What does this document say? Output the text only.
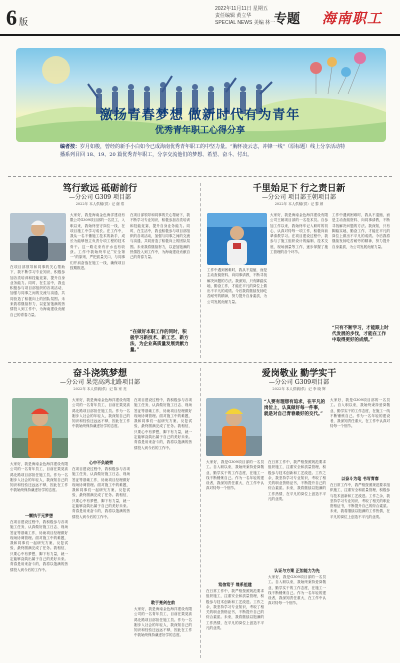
6 版
2022年11月11日 星期五
责任编辑 黄立华
SPECIAL NEWS 美编 林一
专题 海南职工
激扬青春梦想 做新时代有为青年
优秀青年职工心得分享
编者按：岁月如梭，曾经的新手小白如今已成海南优秀青年职工的中坚力量。“胸怀凌云志，冲锋一线”（原标题）线上分享活动特播系列目回 18、19、20 篇优秀青年职工，分享交流他们的梦想、希望、奋斗、付出。
笃行致远 砥砺前行
—分公司 G309 项目部
2022年 本人供稿(供）记 谢 郑
大家好，我是海南金色海洋建设有限公司G309项目部的一名员工，入职以来，我始终坚守岗位一线，在项目施工中学习成长。在工作中，我从一名不懂施工技术的新手，成长为能够独立负责分项工程的技术骨干。这一路走来有汗水也有收获。工作中我始终牢记“安全第一”的原则，严把质量关口，与同事们并肩奋战在施工一线，确保项目按期推进。
在项目部领导和同事的关心帮助下，我不断学习专业知识，积极参加各类培训和技能竞赛，提升自身业务能力。同时，在生活中，我也积极参与项目部组织的各项活动，加强与同事之间的交流与沟通，共同营造了积极向上的团队氛围。未来我将继续努力，以更加饱满的热情投入到工作中，为海南建设贡献自己的青春力量。
在项目部领导和同事的关心帮助下，我不断学习专业知识，积极参加各类培训和技能竞赛，提升自身业务能力。同时，在生活中，我也积极参与项目部组织的各项活动，加强与同事之间的交流与沟通，共同营造了积极向上的团队氛围。未来我将继续努力，以更加饱满的热情投入到工作中，为海南建设贡献自己的青春力量。
“在做好本职工作的同时，积极学习新技术、新工艺、新方法，为企业高质量发展贡献力量。”
千里始足下 行之责日新
—分公司 项目部王朝项目部
2022年 本人供稿(供）记 黎 颜
工作中遇到困难时，我从不退缩，而是主动查阅资料、向同事请教，不断寻找解决问题的方法。我深知，只有脚踏实地、勤奋工作，才能在平凡的岗位上做出不平凡的成绩。今后我将继续发扬吃苦耐劳的精神，努力提升自身素质，为公司发展贡献力量。
大家好，我是海南金色海洋建设有限公司王朝项目部的一名技术员。自参加工作以来，我始终牢记入职时的初心，认真对待每一项工作，积极向前辈请教学习。在项目建设过程中，我参与了施工组织设计的编制、技术交底、现场测量等工作，逐步掌握了施工管理的各个环节。
工作中遇到困难时，我从不退缩，而是主动查阅资料、向同事请教，不断寻找解决问题的方法。我深知，只有脚踏实地、勤奋工作，才能在平凡的岗位上做出不平凡的成绩。今后我将继续发扬吃苦耐劳的精神，努力提升自身素质，为公司发展贡献力量。
“只有不断学习，才能跟上时代发展的步伐，才能在工作中取得更好的成绩。”
奋斗浇筑梦想
—分公司 果莞高鸿北路项目部
2022年 本人供稿(供）记 陈 家 亮
大家好，我是海南金色海洋建设有限公司的一名青年员工，目前在果莞高鸿北路项目部担任施工员。作为一名刚步入社会的年轻人，我深知自己的知识和经验还远远不够，因此在工作中我始终保持谦虚好学的态度。
一颗执于元梦想
在项目建设过程中，我积极参与各项施工任务，认真做好施工日志、现场签证等基础工作，协助项目经理做好现场协调管理。面对施工中的难题，我和同事们一起研究方案、反复试验，最终圆满完成了任务。我相信，只要心中有梦想，脚下有力量，就一定能够浇筑出属于自己的美好未来。青春是用来奋斗的，我将以饱满的热情投入到今后的工作中。
大家好，我是海南金色海洋建设有限公司的一名青年员工，目前在果莞高鸿北路项目部担任施工员。作为一名刚步入社会的年轻人，我深知自己的知识和经验还远远不够，因此在工作中我始终保持谦虚好学的态度。
心中不负晓荣
在项目建设过程中，我积极参与各项施工任务，认真做好施工日志、现场签证等基础工作，协助项目经理做好现场协调管理。面对施工中的难题，我和同事们一起研究方案、反复试验，最终圆满完成了任务。我相信，只要心中有梦想，脚下有力量，就一定能够浇筑出属于自己的美好未来。青春是用来奋斗的，我将以饱满的热情投入到今后的工作中。
在项目建设过程中，我积极参与各项施工任务，认真做好施工日志、现场签证等基础工作，协助项目经理做好现场协调管理。面对施工中的难题，我和同事们一起研究方案、反复试验，最终圆满完成了任务。我相信，只要心中有梦想，脚下有力量，就一定能够浇筑出属于自己的美好未来。青春是用来奋斗的，我将以饱满的热情投入到今后的工作中。
敢于亮剑在前
大家好，我是海南金色海洋建设有限公司的一名青年员工，目前在果莞高鸿北路项目部担任施工员。作为一名刚步入社会的年轻人，我深知自己的知识和经验还远远不够，因此在工作中我始终保持谦虚好学的态度。
爱岗敬业 勤学实干
—分公司 G309项目部
2022年 本人供稿(供）记 李 晓 辉
“人要有理想有追求，在平凡的岗位上，认真做好每一件事，就是对自己青春最好的交代。”
大家好，我是G309项目部的一名员工。自入职以来，我始终秉持爱岗敬业、勤学实干的工作态度，在施工一线不断锤炼自己。作为一名年轻的建设者，我深知责任重大，在工作中认真对待每一个细节。
笃信笃于 缘系祖建
在日常工作中，我严格按照规范要求组织施工，注重安全和质量管理，积极参与技术创新和工艺改进。工作之余，我坚持学习专业知识，考取了相关的职业资格证书，不断提升自己的综合素质。未来，我将继续以饱满的工作热情，在平凡的岗位上创造不平凡的业绩。
在日常工作中，我严格按照规范要求组织施工，注重安全和质量管理，积极参与技术创新和工艺改进。工作之余，我坚持学习专业知识，考取了相关的职业资格证书，不断提升自己的综合素质。未来，我将继续以饱满的工作热情，在平凡的岗位上创造不平凡的业绩。
认证与方案 正如能力为先
大家好，我是G309项目部的一名员工。自入职以来，我始终秉持爱岗敬业、勤学实干的工作态度，在施工一线不断锤炼自己。作为一名年轻的建设者，我深知责任重大，在工作中认真对待每一个细节。
大家好，我是G309项目部的一名员工。自入职以来，我始终秉持爱岗敬业、勤学实干的工作态度，在施工一线不断锤炼自己。作为一名年轻的建设者，我深知责任重大，在工作中认真对待每一个细节。
以奋斗为笔 书写青春
在日常工作中，我严格按照规范要求组织施工，注重安全和质量管理，积极参与技术创新和工艺改进。工作之余，我坚持学习专业知识，考取了相关的职业资格证书，不断提升自己的综合素质。未来，我将继续以饱满的工作热情，在平凡的岗位上创造不平凡的业绩。
